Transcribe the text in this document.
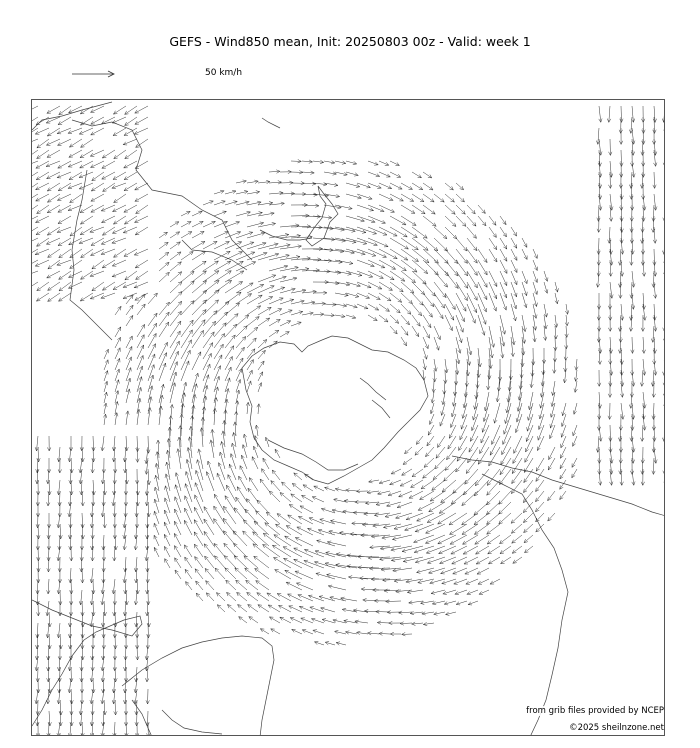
GEFS - Wind850 mean, Init: 20250803 00z - Valid: week 1
50 km/h
from grib files provided by NCEP
©2025 sheilnzone.net
